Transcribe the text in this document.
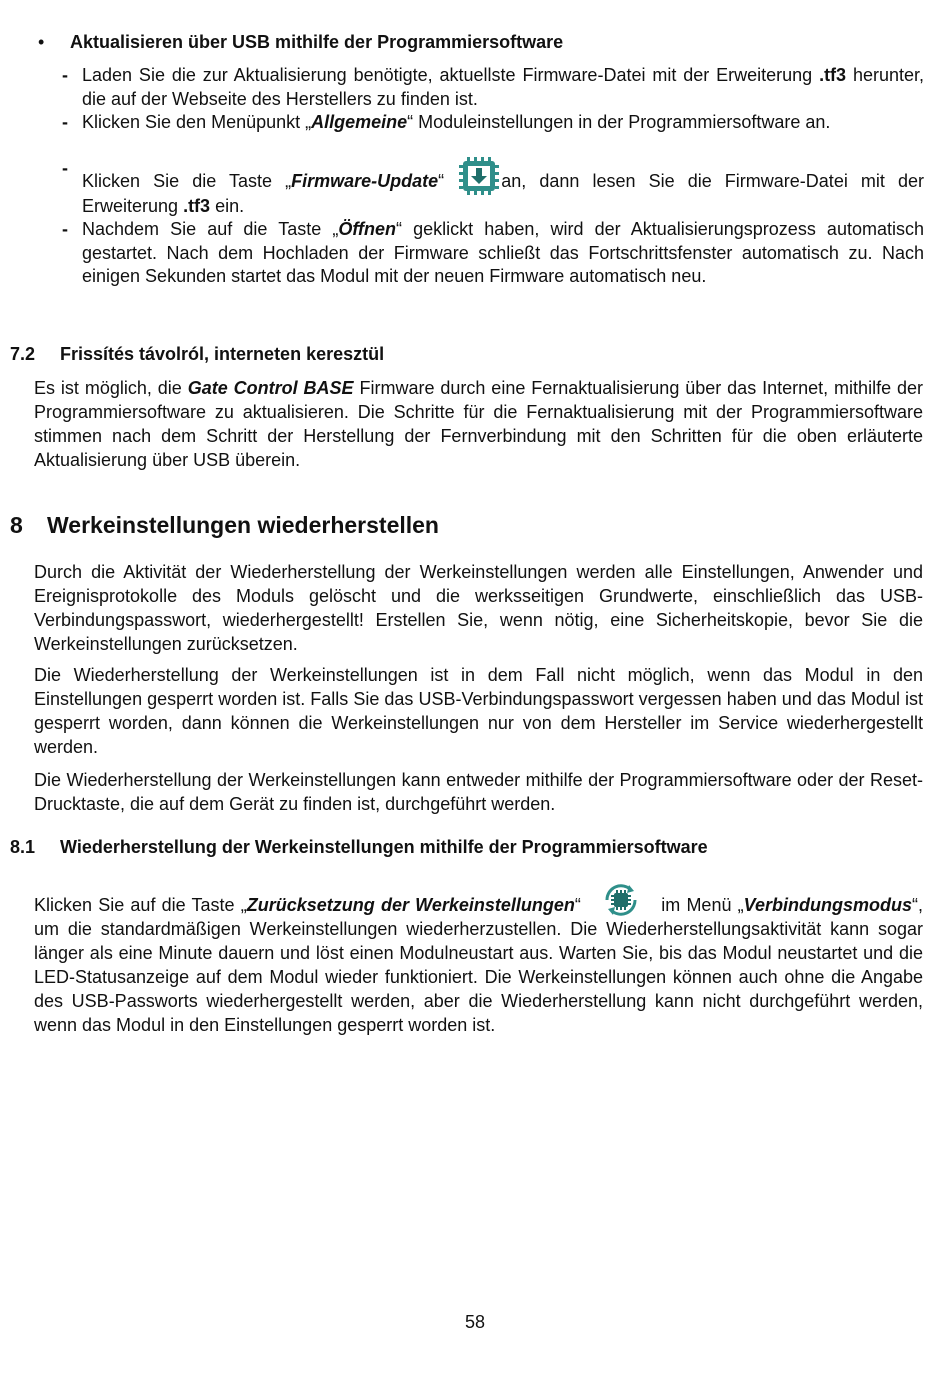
• Aktualisieren über USB mithilfe der Programmiersoftware

- Laden Sie die zur Aktualisierung benötigte, aktuellste Firmware-Datei mit der Erweiterung .tf3 herunter, die auf der Webseite des Herstellers zu finden ist.

- Klicken Sie den Menüpunkt „Allgemeine“ Moduleinstellungen in der Programmiersoftware an.

-
Klicken Sie die Taste „Firmware-Update“ an, dann lesen Sie die Firmware-Datei mit der Erweiterung .tf3 ein.

- Nachdem Sie auf die Taste „Öffnen“ geklickt haben, wird der Aktualisierungsprozess automatisch gestartet. Nach dem Hochladen der Firmware schließt das Fortschrittsfenster automatisch zu. Nach einigen Sekunden startet das Modul mit der neuen Firmware automatisch neu.

7.2 Frissítés távolról, interneten keresztül

Es ist möglich, die Gate Control BASE Firmware durch eine Fernaktualisierung über das Internet, mithilfe der Programmiersoftware zu aktualisieren. Die Schritte für die Fernaktualisierung mit der Programmiersoftware stimmen nach dem Schritt der Herstellung der Fernverbindung mit den Schritten für die oben erläuterte Aktualisierung über USB überein.

8 Werkeinstellungen wiederherstellen

Durch die Aktivität der Wiederherstellung der Werkeinstellungen werden alle Einstellungen, Anwender und Ereignisprotokolle des Moduls gelöscht und die werksseitigen Grundwerte, einschließlich das USB-Verbindungspasswort, wiederhergestellt! Erstellen Sie, wenn nötig, eine Sicherheitskopie, bevor Sie die Werkeinstellungen zurücksetzen.

Die Wiederherstellung der Werkeinstellungen ist in dem Fall nicht möglich, wenn das Modul in den Einstellungen gesperrt worden ist. Falls Sie das USB-Verbindungspasswort vergessen haben und das Modul ist gesperrt worden, dann können die Werkeinstellungen nur von dem Hersteller im Service wiederhergestellt werden.

Die Wiederherstellung der Werkeinstellungen kann entweder mithilfe der Programmiersoftware oder der Reset-Drucktaste, die auf dem Gerät zu finden ist, durchgeführt werden.

8.1 Wiederherstellung der Werkeinstellungen mithilfe der Programmiersoftware

Klicken Sie auf die Taste „Zurücksetzung der Werkeinstellungen“	im Menü „Verbindungsmodus“, um die standardmäßigen Werkeinstellungen wiederherzustellen. Die Wiederherstellungsaktivität kann sogar länger als eine Minute dauern und löst einen Modulneustart aus. Warten Sie, bis das Modul neustartet und die LED-Statusanzeige auf dem Modul wieder funktioniert. Die Werkeinstellungen können auch ohne die Angabe des USB-Passworts wiederhergestellt werden, aber die Wiederherstellung kann nicht durchgeführt werden, wenn das Modul in den Einstellungen gesperrt worden ist.

58
